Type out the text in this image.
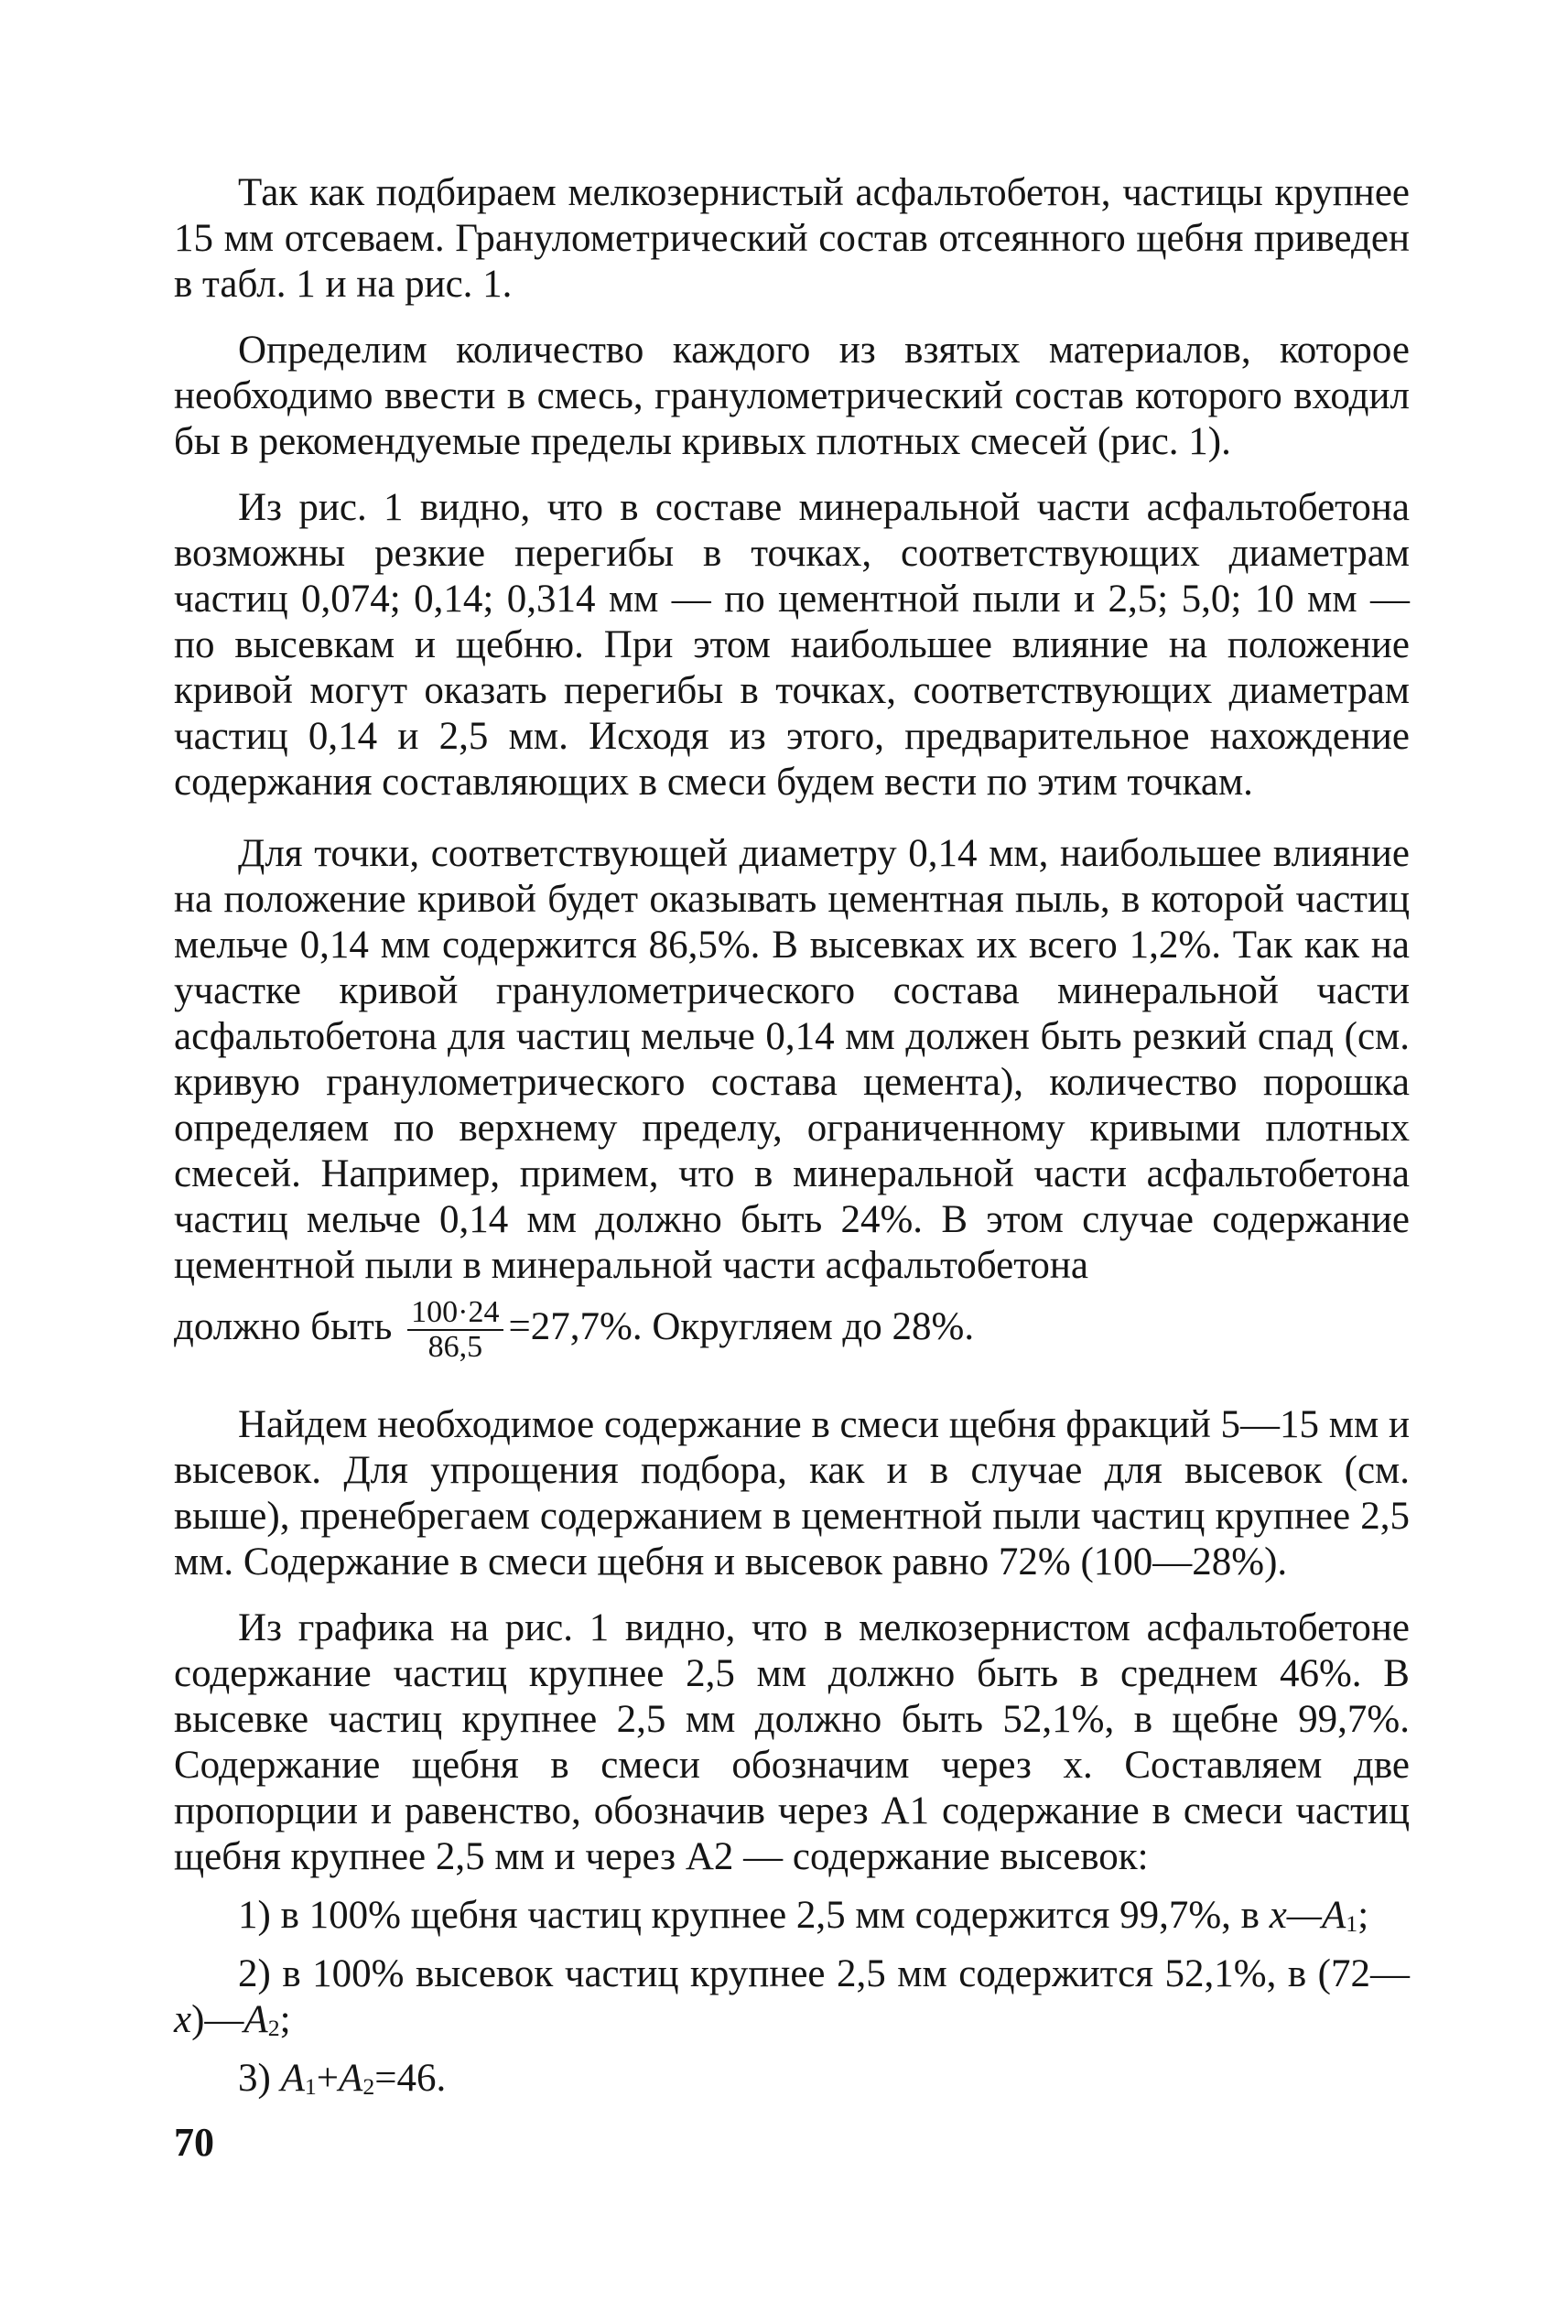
Так как подбираем мелкозернистый асфальтобетон, частицы крупнее 15 мм отсеваем. Гранулометрический состав отсеянного щебня приведен в табл. 1 и на рис. 1.

Определим количество каждого из взятых материалов, которое необходимо ввести в смесь, гранулометрический состав которого входил бы в рекомендуемые пределы кривых плотных смесей (рис. 1).

Из рис. 1 видно, что в составе минеральной части асфальтобетона возможны резкие перегибы в точках, соответствующих диаметрам частиц 0,074; 0,14; 0,314 мм — по цементной пыли и 2,5; 5,0; 10 мм — по высевкам и щебню. При этом наибольшее влияние на положение кривой могут оказать перегибы в точках, соответствующих диаметрам частиц 0,14 и 2,5 мм. Исходя из этого, предварительное нахождение содержания составляющих в смеси будем вести по этим точкам.

Для точки, соответствующей диаметру 0,14 мм, наибольшее влияние на положение кривой будет оказывать цементная пыль, в которой частиц мельче 0,14 мм содержится 86,5%. В высевках их всего 1,2%. Так как на участке кривой гранулометрического состава минеральной части асфальтобетона для частиц мельче 0,14 мм должен быть резкий спад (см. кривую гранулометрического состава цемента), количество порошка определяем по верхнему пределу, ограниченному кривыми плотных смесей. Например, примем, что в минеральной части асфальтобетона частиц мельче 0,14 мм должно быть 24%. В этом случае содержание цементной пыли в минеральной части асфальтобетона

должно быть $\frac{100\cdot 24}{86,5} =27,7\%$. Округляем до 28%.

Найдем необходимое содержание в смеси щебня фракций 5—15 мм и высевок. Для упрощения подбора, как и в случае для высевок (см. выше), пренебрегаем содержанием в цементной пыли частиц крупнее 2,5 мм. Содержание в смеси щебня и высевок равно 72% (100—28%).

Из графика на рис. 1 видно, что в мелкозернистом асфальтобетоне содержание частиц крупнее 2,5 мм должно быть в среднем 46%. В высевке частиц крупнее 2,5 мм должно быть 52,1%, в щебне 99,7%. Содержание щебня в смеси обозначим через x. Составляем две пропорции и равенство, обозначив через A1 содержание в смеси частиц щебня крупнее 2,5 мм и через A2 — содержание высевок:

1) в 100% щебня частиц крупнее 2,5 мм содержится 99,7%, в $x—A_1$;

2) в 100% высевок частиц крупнее 2,5 мм содержится 52,1%, в $(72—x)—A_2$;

3) $A_1+A_2=46$.

70
